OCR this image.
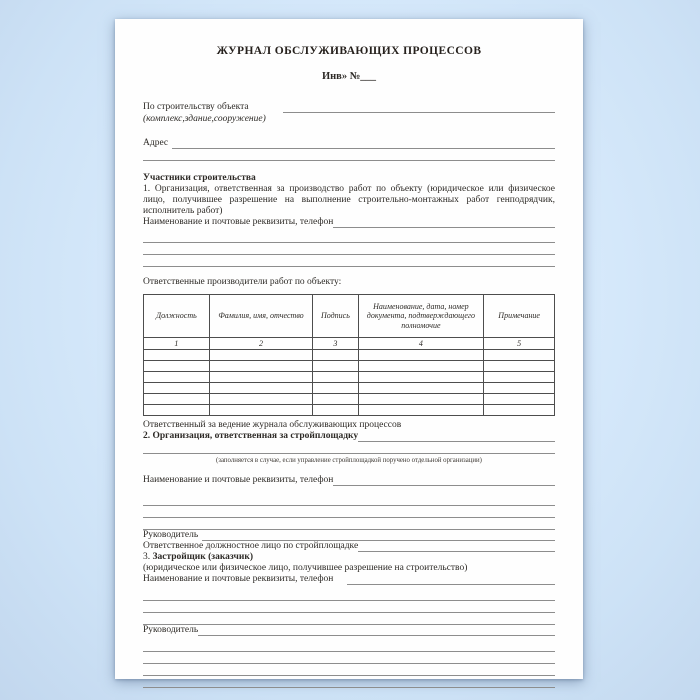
ЖУРНАЛ ОБСЛУЖИВАЮЩИХ ПРОЦЕССОВ
Инв» №___
По строительству объекта
(комплекс,здание,сооружение)
Адрес
Участники строительства

1. Организация, ответственная за производство работ по объекту (юридическое или физическое лицо, получившее разрешение на выполнение строительно-монтажных работ генподрядчик, исполнитель работ)

Наименование и почтовые реквизиты, телефон

Ответственные производители работ по объекту:

Должность	Фамилия, имя, отчество	Подпись	Наименование, дата, номер документа, подтверждающего полномочие	Примечание
1	2	3	4	5

Ответственный за ведение журнала обслуживающих процессов

2. Организация, ответственная за стройплощадку
(заполняется в случае, если управление стройплощадкой поручено отдельной организации)
Наименование и почтовые реквизиты, телефон
Руководитель
Ответственное должностное лицо по стройплощадке

3. Застройщик (заказчик)

(юридическое или физическое лицо, получившее разрешение на строительство)

Наименование и почтовые реквизиты, телефон
Руководитель
